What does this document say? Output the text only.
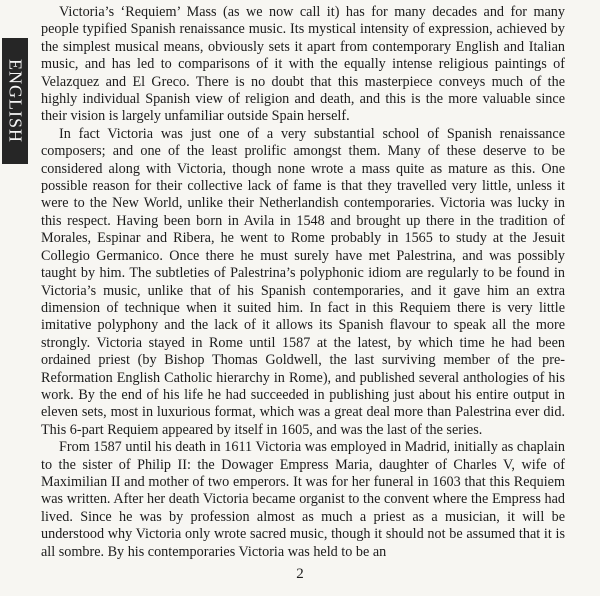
ENGLISH

Victoria’s ‘Requiem’ Mass (as we now call it) has for many decades and for many people typified Spanish renaissance music. Its mystical intensity of expression, achieved by the simplest musical means, obviously sets it apart from contemporary English and Italian music, and has led to comparisons of it with the equally intense religious paintings of Velazquez and El Greco. There is no doubt that this masterpiece conveys much of the highly individual Spanish view of religion and death, and this is the more valuable since their vision is largely unfamiliar outside Spain herself.

In fact Victoria was just one of a very substantial school of Spanish renaissance composers; and one of the least prolific amongst them. Many of these deserve to be considered along with Victoria, though none wrote a mass quite as mature as this. One possible reason for their collective lack of fame is that they travelled very little, unless it were to the New World, unlike their Netherlandish contemporaries. Victoria was lucky in this respect. Having been born in Avila in 1548 and brought up there in the tradition of Morales, Espinar and Ribera, he went to Rome probably in 1565 to study at the Jesuit Collegio Germanico. Once there he must surely have met Palestrina, and was possibly taught by him. The subtleties of Palestrina’s polyphonic idiom are regularly to be found in Victoria’s music, unlike that of his Spanish contemporaries, and it gave him an extra dimension of technique when it suited him. In fact in this Requiem there is very little imitative polyphony and the lack of it allows its Spanish flavour to speak all the more strongly. Victoria stayed in Rome until 1587 at the latest, by which time he had been ordained priest (by Bishop Thomas Goldwell, the last surviving member of the pre-Reformation English Catholic hierarchy in Rome), and published several anthologies of his work. By the end of his life he had succeeded in publishing just about his entire output in eleven sets, most in luxurious format, which was a great deal more than Palestrina ever did. This 6-part Requiem appeared by itself in 1605, and was the last of the series.

From 1587 until his death in 1611 Victoria was employed in Madrid, initially as chaplain to the sister of Philip II: the Dowager Empress Maria, daughter of Charles V, wife of Maximilian II and mother of two emperors. It was for her funeral in 1603 that this Requiem was written. After her death Victoria became organist to the convent where the Empress had lived. Since he was by profession almost as much a priest as a musician, it will be understood why Victoria only wrote sacred music, though it should not be assumed that it is all sombre. By his contemporaries Victoria was held to be an

2
